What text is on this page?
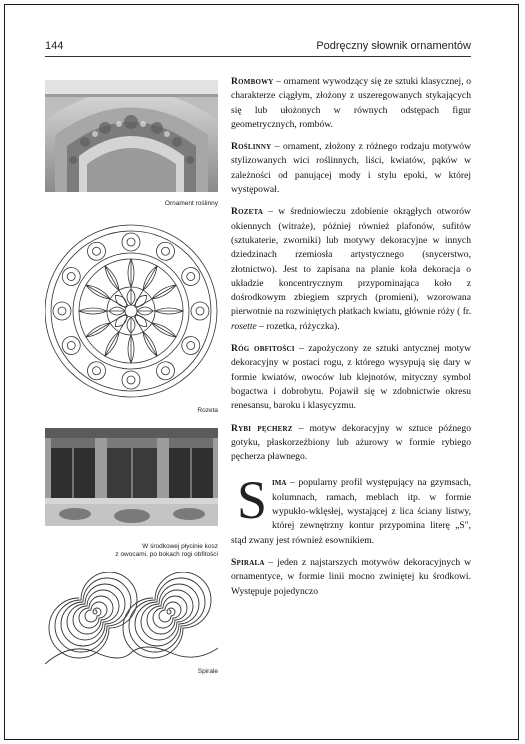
144	Podręczny słownik ornamentów
Ornament roślinny
Rozeta
W środkowej płycinie kosz
z owocami, po bokach rogi obfitości
Spirale

Rombowy – ornament wywodzący się ze sztuki klasycznej, o charakterze ciągłym, złożony z uszeregowanych stykających się lub ułożonych w równych odstępach figur geometrycznych, rombów.

Roślinny – ornament, złożony z różnego rodzaju motywów stylizowanych wici roślinnych, liści, kwiatów, pąków w zależności od panującej mody i stylu epoki, w której występował.

Rozeta – w średniowieczu zdobienie okrągłych otworów okiennych (witraże), później również plafonów, sufitów (sztukaterie, zworniki) lub motywy dekoracyjne w innych dziedzinach rzemiosła artystycznego (snycerstwo, złotnictwo). Jest to zapisana na planie koła dekoracja o układzie koncentrycznym przypominająca koło z dośrodkowym zbiegiem szprych (promieni), wzorowana pierwotnie na rozwiniętych płatkach kwiatu, głównie róży ( fr. rosette – rozetka, różyczka).

Róg obfitości – zapożyczony ze sztuki antycznej motyw dekoracyjny w postaci rogu, z którego wysypują się dary w formie kwiatów, owoców lub klejnotów, mityczny symbol bogactwa i dobrobytu. Pojawił się w zdobnictwie okresu renesansu, baroku i klasycyzmu.

Rybi pęcherz – motyw dekoracyjny w sztuce późnego gotyku, płaskorzeźbiony lub ażurowy w formie rybiego pęcherza pławnego.

Sima – popularny profil występujący na gzymsach, kolumnach, ramach, meblach itp. w formie wypukło-wklęsłej, wystającej z lica ściany listwy, której zewnętrzny kontur przypomina literę „S", stąd zwany jest również esownikiem.

Spirala – jeden z najstarszych motywów dekoracyjnych w ornamentyce, w formie linii mocno zwiniętej ku środkowi. Występuje pojedynczo
